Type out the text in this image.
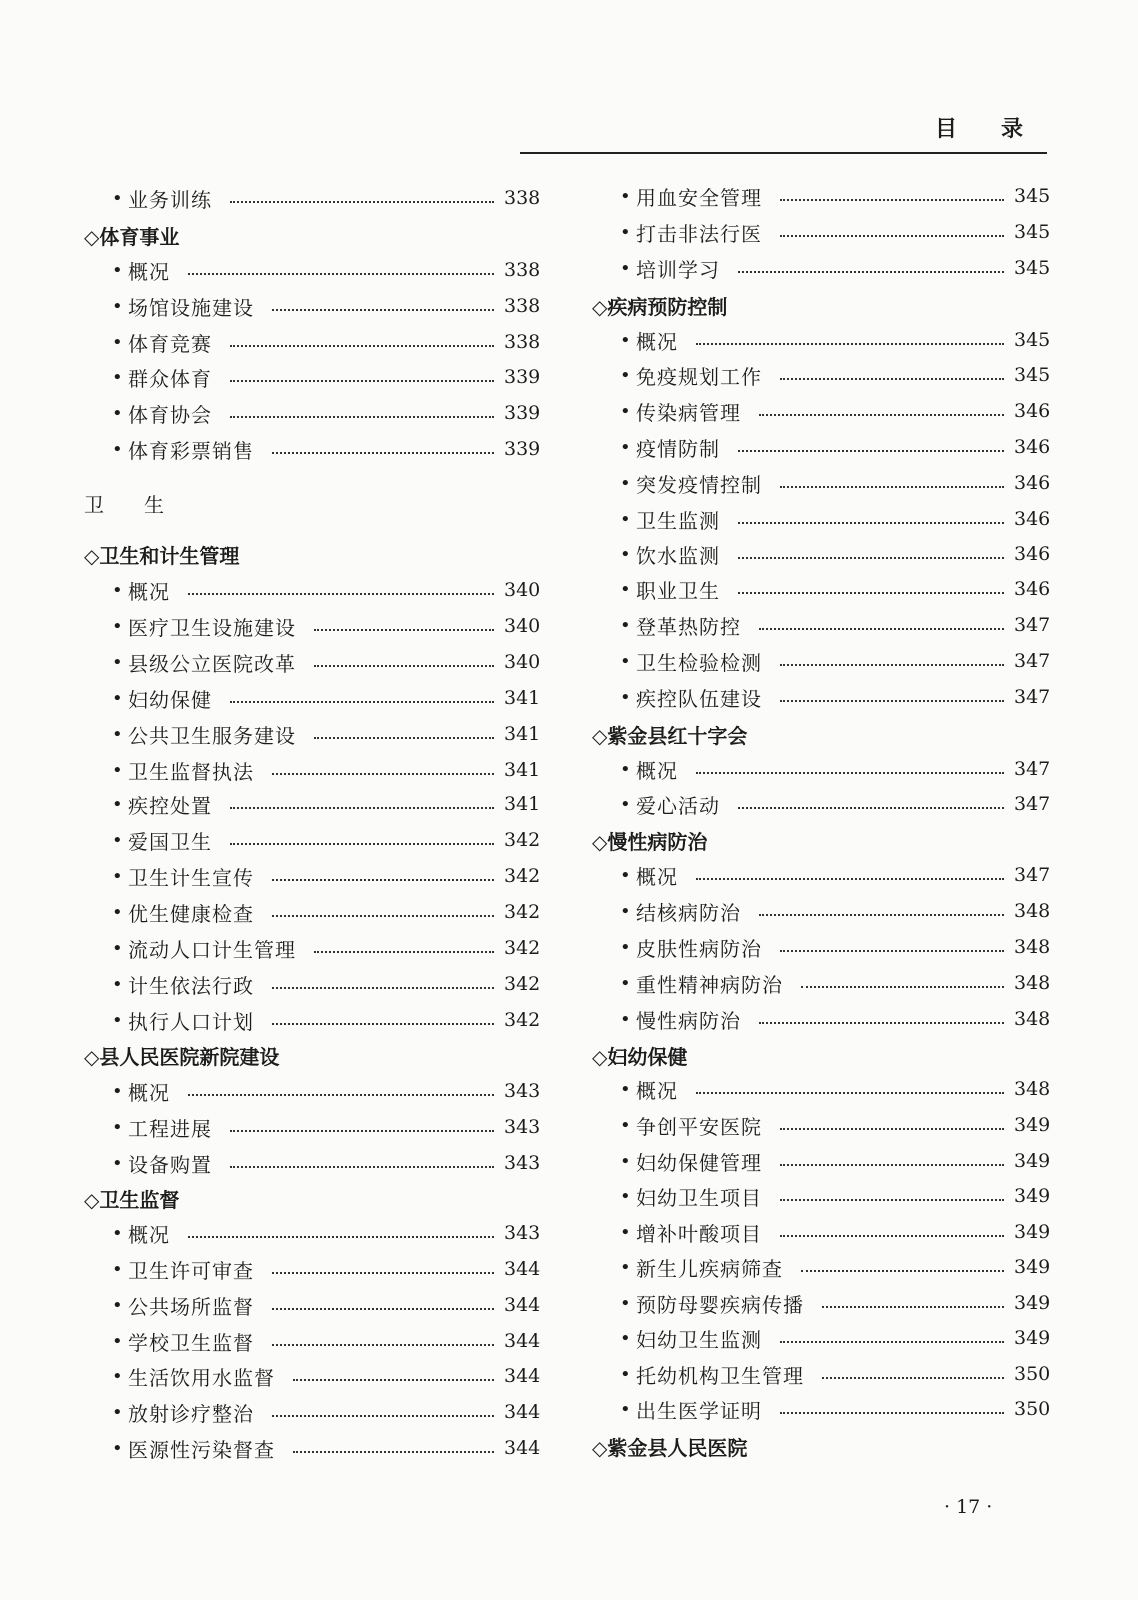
目录
• 业务训练	338
◇体育事业
• 概况	338
• 场馆设施建设	338
• 体育竞赛	338
• 群众体育	339
• 体育协会	339
• 体育彩票销售	339
卫生
◇卫生和计生管理
• 概况	340
• 医疗卫生设施建设	340
• 县级公立医院改革	340
• 妇幼保健	341
• 公共卫生服务建设	341
• 卫生监督执法	341
• 疾控处置	341
• 爱国卫生	342
• 卫生计生宣传	342
• 优生健康检查	342
• 流动人口计生管理	342
• 计生依法行政	342
• 执行人口计划	342
◇县人民医院新院建设
• 概况	343
• 工程进展	343
• 设备购置	343
◇卫生监督
• 概况	343
• 卫生许可审查	344
• 公共场所监督	344
• 学校卫生监督	344
• 生活饮用水监督	344
• 放射诊疗整治	344
• 医源性污染督查	344
• 用血安全管理	345
• 打击非法行医	345
• 培训学习	345
◇疾病预防控制
• 概况	345
• 免疫规划工作	345
• 传染病管理	346
• 疫情防制	346
• 突发疫情控制	346
• 卫生监测	346
• 饮水监测	346
• 职业卫生	346
• 登革热防控	347
• 卫生检验检测	347
• 疾控队伍建设	347
◇紫金县红十字会
• 概况	347
• 爱心活动	347
◇慢性病防治
• 概况	347
• 结核病防治	348
• 皮肤性病防治	348
• 重性精神病防治	348
• 慢性病防治	348
◇妇幼保健
• 概况	348
• 争创平安医院	349
• 妇幼保健管理	349
• 妇幼卫生项目	349
• 增补叶酸项目	349
• 新生儿疾病筛查	349
• 预防母婴疾病传播	349
• 妇幼卫生监测	349
• 托幼机构卫生管理	350
• 出生医学证明	350
◇紫金县人民医院
· 17 ·
